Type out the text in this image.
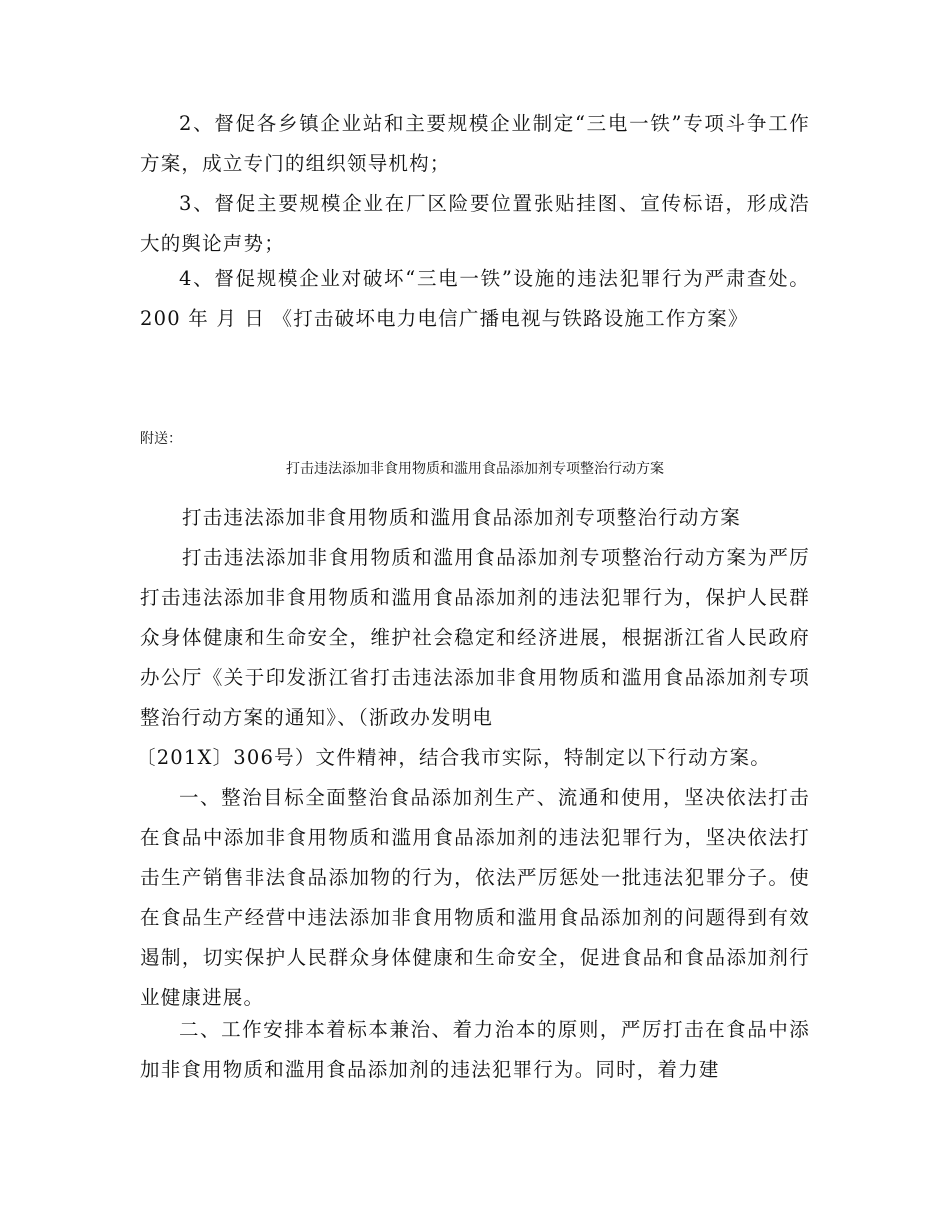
2、督促各乡镇企业站和主要规模企业制定“三电一铁”专项斗争工作方案，成立专门的组织领导机构；

3、督促主要规模企业在厂区险要位置张贴挂图、宣传标语，形成浩大的舆论声势；

4、督促规模企业对破坏“三电一铁”设施的违法犯罪行为严肃查处。 200 年 月 日 《打击破坏电力电信广播电视与铁路设施工作方案》

附送：

打击违法添加非食用物质和滥用食品添加剂专项整治行动方案

打击违法添加非食用物质和滥用食品添加剂专项整治行动方案

打击违法添加非食用物质和滥用食品添加剂专项整治行动方案为严厉打击违法添加非食用物质和滥用食品添加剂的违法犯罪行为，保护人民群众身体健康和生命安全，维护社会稳定和经济进展，根据浙江省人民政府办公厅《关于印发浙江省打击违法添加非食用物质和滥用食品添加剂专项整治行动方案的通知》、（浙政办发明电

〔201X〕306号）文件精神，结合我市实际，特制定以下行动方案。

一、整治目标全面整治食品添加剂生产、流通和使用，坚决依法打击在食品中添加非食用物质和滥用食品添加剂的违法犯罪行为，坚决依法打击生产销售非法食品添加物的行为，依法严厉惩处一批违法犯罪分子。使在食品生产经营中违法添加非食用物质和滥用食品添加剂的问题得到有效遏制，切实保护人民群众身体健康和生命安全，促进食品和食品添加剂行业健康进展。

二、工作安排本着标本兼治、着力治本的原则，严厉打击在食品中添加非食用物质和滥用食品添加剂的违法犯罪行为。同时，着力建
